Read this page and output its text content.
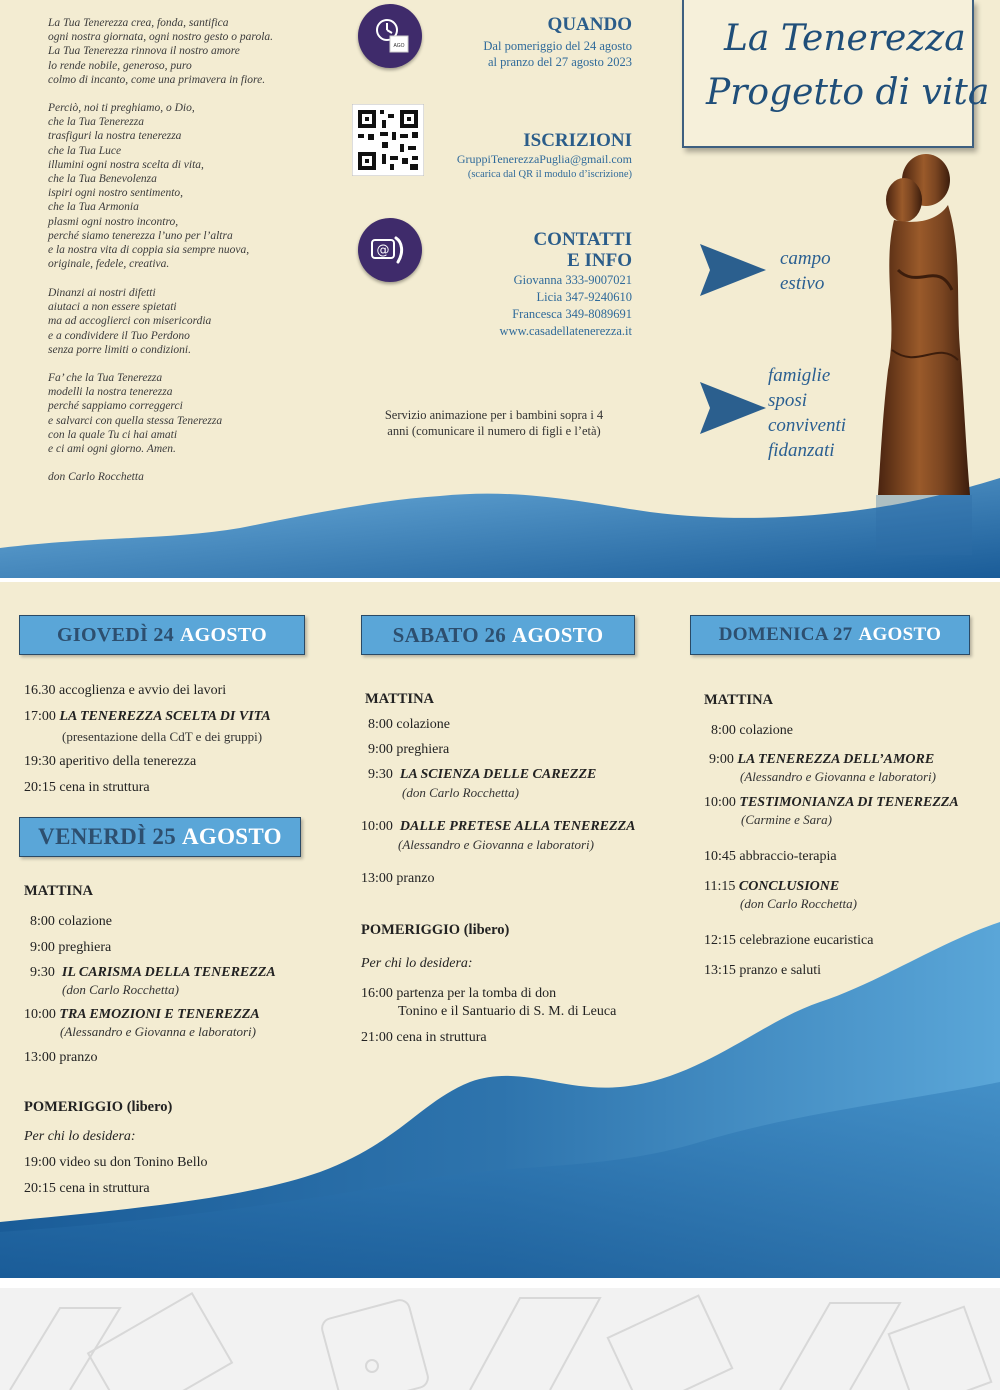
La Tua Tenerezza crea, fonda, santifica
ogni nostra giornata, ogni nostro gesto o parola.
La Tua Tenerezza rinnova il nostro amore
lo rende nobile, generoso, puro
colmo di incanto, come una primavera in fiore.
Perciò, noi ti preghiamo, o Dio,
che la Tua Tenerezza
trasfiguri la nostra tenerezza
che la Tua Luce
illumini ogni nostra scelta di vita,
che la Tua Benevolenza
ispiri ogni nostro sentimento,
che la Tua Armonia
plasmi ogni nostro incontro,
perché siamo tenerezza l’uno per l’altra
e la nostra vita di coppia sia sempre nuova,
originale, fedele, creativa.
Dinanzi ai nostri difetti
aiutaci a non essere spietati
ma ad accoglierci con misericordia
e a condividere il Tuo Perdono
senza porre limiti o condizioni.
Fa’ che la Tua Tenerezza
modelli la nostra tenerezza
perché sappiamo correggerci
e salvarci con quella stessa Tenerezza
con la quale Tu ci hai amati
e ci ami ogni giorno. Amen.
don Carlo Rocchetta
AGO
QUANDO
Dal pomeriggio del 24 agosto
al pranzo del 27 agosto 2023
ISCRIZIONI
GruppiTenerezzaPuglia@gmail.com
(scarica dal QR il modulo d’iscrizione)
@
CONTATTI
E INFO
Giovanna 333-9007021
Licia 347-9240610
Francesca 349-8089691
www.casadellatenerezza.it
Servizio animazione per i bambini sopra i 4
anni (comunicare il numero di figli e l’età)
La Tenerezza
Progetto di vita
campo
estivo
famiglie
sposi
conviventi
fidanzati
GIOVEDÌ 24 AGOSTO
16.30 accoglienza e avvio dei lavori
17:00 LA TENEREZZA SCELTA DI VITA
(presentazione della CdT e dei gruppi)
19:30 aperitivo della tenerezza
20:15 cena in struttura
VENERDÌ 25 AGOSTO
MATTINA
8:00 colazione
9:00 preghiera
9:30 IL CARISMA DELLA TENEREZZA
(don Carlo Rocchetta)
10:00 TRA EMOZIONI E TENEREZZA
(Alessandro e Giovanna e laboratori)
13:00 pranzo
POMERIGGIO (libero)
Per chi lo desidera:
19:00 video su don Tonino Bello
20:15 cena in struttura
SABATO 26 AGOSTO
MATTINA
8:00 colazione
9:00 preghiera
9:30 LA SCIENZA DELLE CAREZZE
(don Carlo Rocchetta)
10:00 DALLE PRETESE ALLA TENEREZZA
(Alessandro e Giovanna e laboratori)
13:00 pranzo
POMERIGGIO (libero)
Per chi lo desidera:
16:00 partenza per la tomba di don
Tonino e il Santuario di S. M. di Leuca
21:00 cena in struttura
DOMENICA 27 AGOSTO
MATTINA
8:00 colazione
9:00 LA TENEREZZA DELL’AMORE
(Alessandro e Giovanna e laboratori)
10:00 TESTIMONIANZA DI TENEREZZA
(Carmine e Sara)
10:45 abbraccio-terapia
11:15 CONCLUSIONE
(don Carlo Rocchetta)
12:15 celebrazione eucaristica
13:15 pranzo e saluti
